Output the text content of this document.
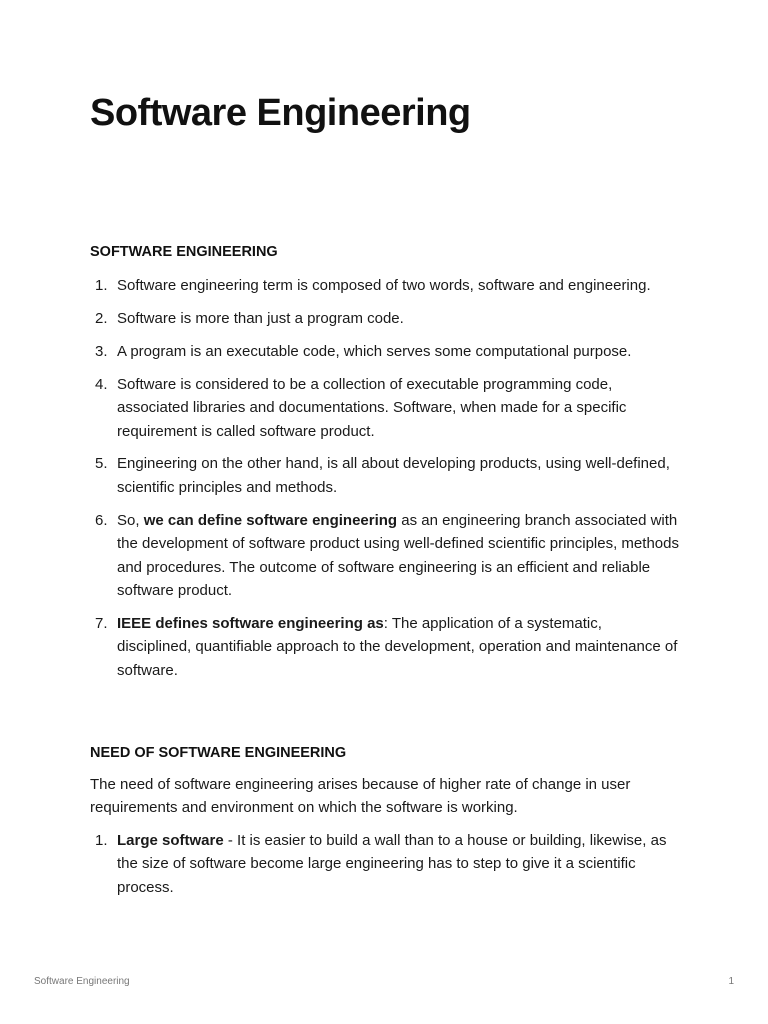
Software Engineering
SOFTWARE ENGINEERING
1. Software engineering term is composed of two words, software and engineering.
2. Software is more than just a program code.
3. A program is an executable code, which serves some computational purpose.
4. Software is considered to be a collection of executable programming code, associated libraries and documentations. Software, when made for a specific requirement is called software product.
5. Engineering on the other hand, is all about developing products, using well-defined, scientific principles and methods.
6. So, we can define software engineering as an engineering branch associated with the development of software product using well-defined scientific principles, methods and procedures. The outcome of software engineering is an efficient and reliable software product.
7. IEEE defines software engineering as: The application of a systematic, disciplined, quantifiable approach to the development, operation and maintenance of software.
NEED OF SOFTWARE ENGINEERING

The need of software engineering arises because of higher rate of change in user requirements and environment on which the software is working.

1. Large software - It is easier to build a wall than to a house or building, likewise, as the size of software become large engineering has to step to give it a scientific process.
Software Engineering	1
